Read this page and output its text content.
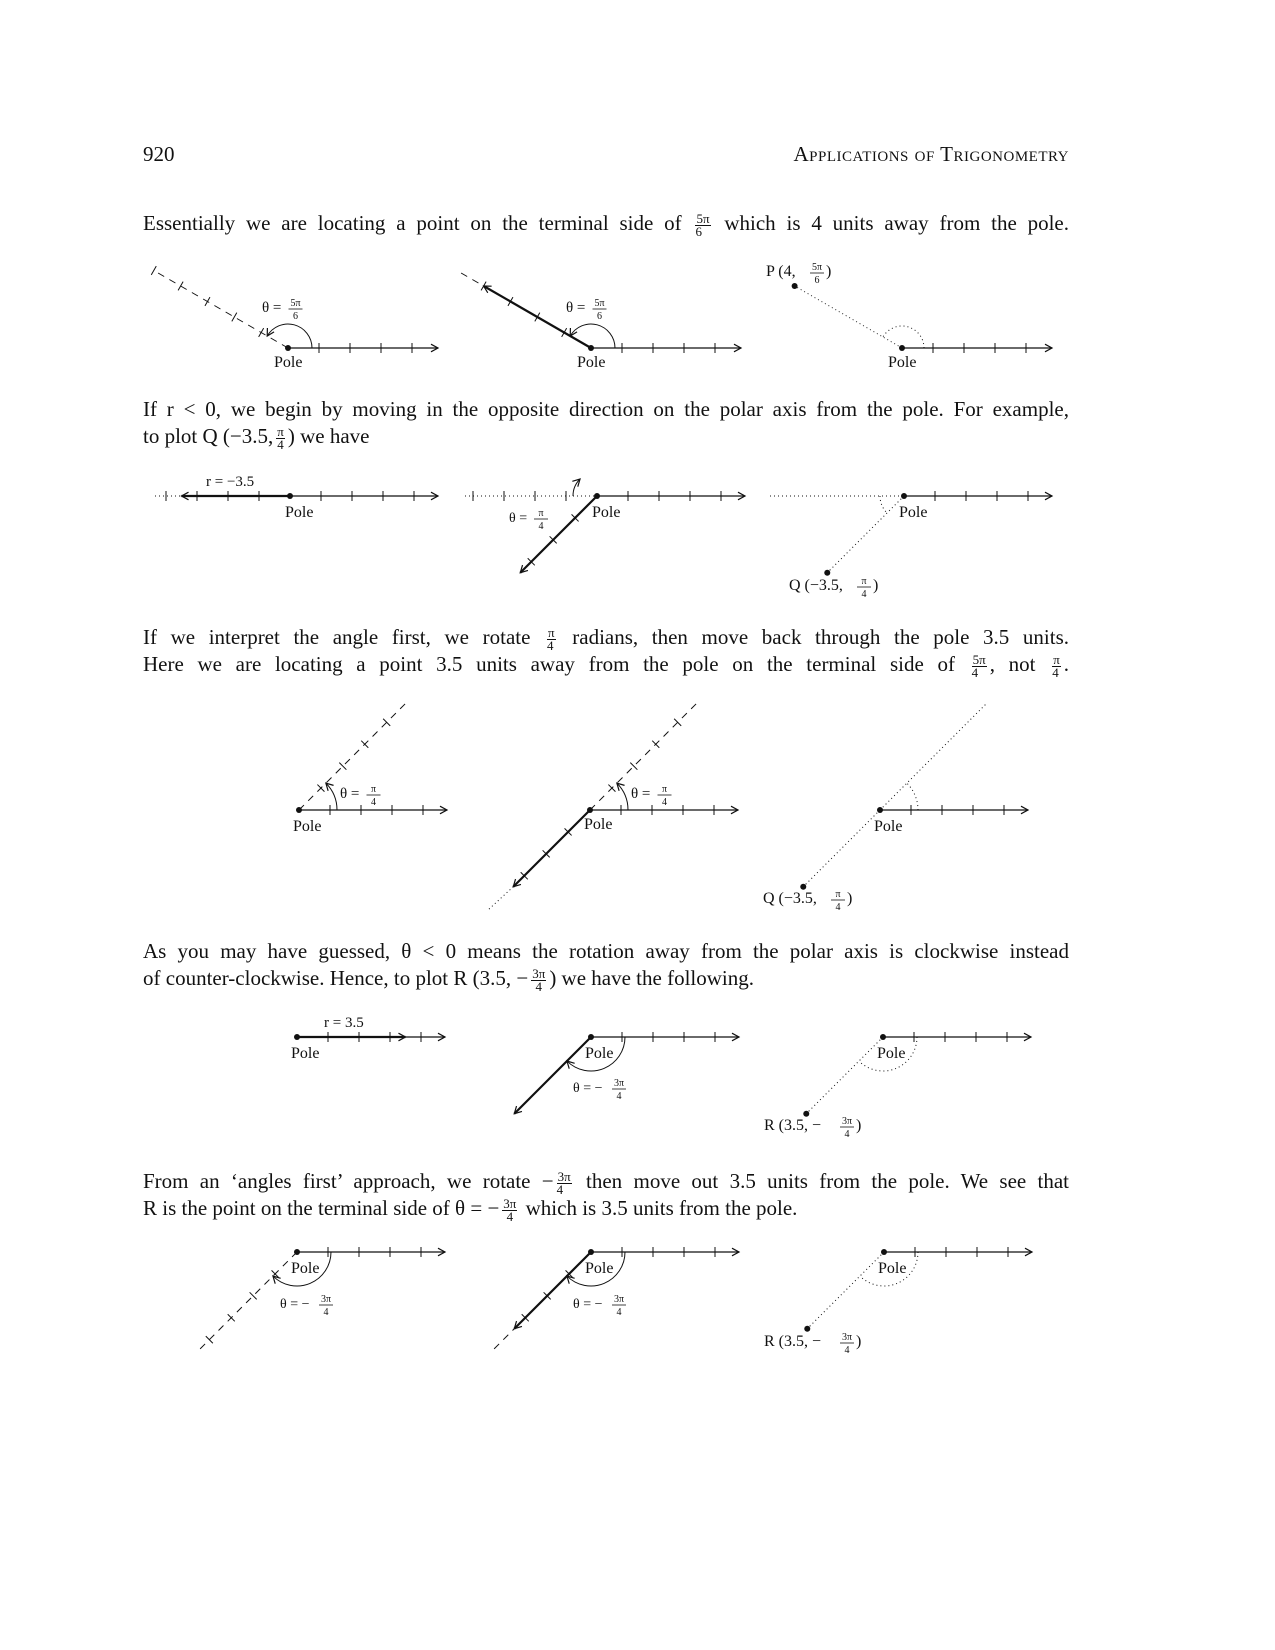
920	Applications of Trigonometry
Essentially we are locating a point on the terminal side of $\frac{5\pi}{6}$ which is 4 units away from the pole.
If r < 0, we begin by moving in the opposite direction on the polar axis from the pole. For example,
to plot Q (−3.5, $\frac{\pi}{4}$ ) we have
If we interpret the angle first, we rotate $\frac{\pi}{4}$ radians, then move back through the pole 3.5 units.
Here we are locating a point 3.5 units away from the pole on the terminal side of $\frac{5\pi}{4}$ , not $\frac{\pi}{4}$ .
As you may have guessed, θ < 0 means the rotation away from the polar axis is clockwise instead
of counter-clockwise. Hence, to plot R (3.5, − $\frac{3\pi}{4}$ ) we have the following.
From an ‘angles first’ approach, we rotate − $\frac{3\pi}{4}$ then move out 3.5 units from the pole. We see that
R is the point on the terminal side of θ = − $\frac{3\pi}{4}$ which is 3.5 units from the pole.
θ = 5π
6
Pole
θ = 5π
6
Pole
P (4, 5π
6
)
Pole
r = −3.5
Pole	θ = π
4
Pole
Q (−3.5, π
4
)
Pole
θ = π
4
Pole
θ = π
4
Pole
Q (−3.5, π
4
)
Pole
r = 3.5
Pole
θ = − 3π
4
Pole
R (3.5, − 3π
4
)
Pole
θ = − 3π
4
Pole
θ = − 3π
4
Pole
R (3.5, − 3π
4
)
Pole
